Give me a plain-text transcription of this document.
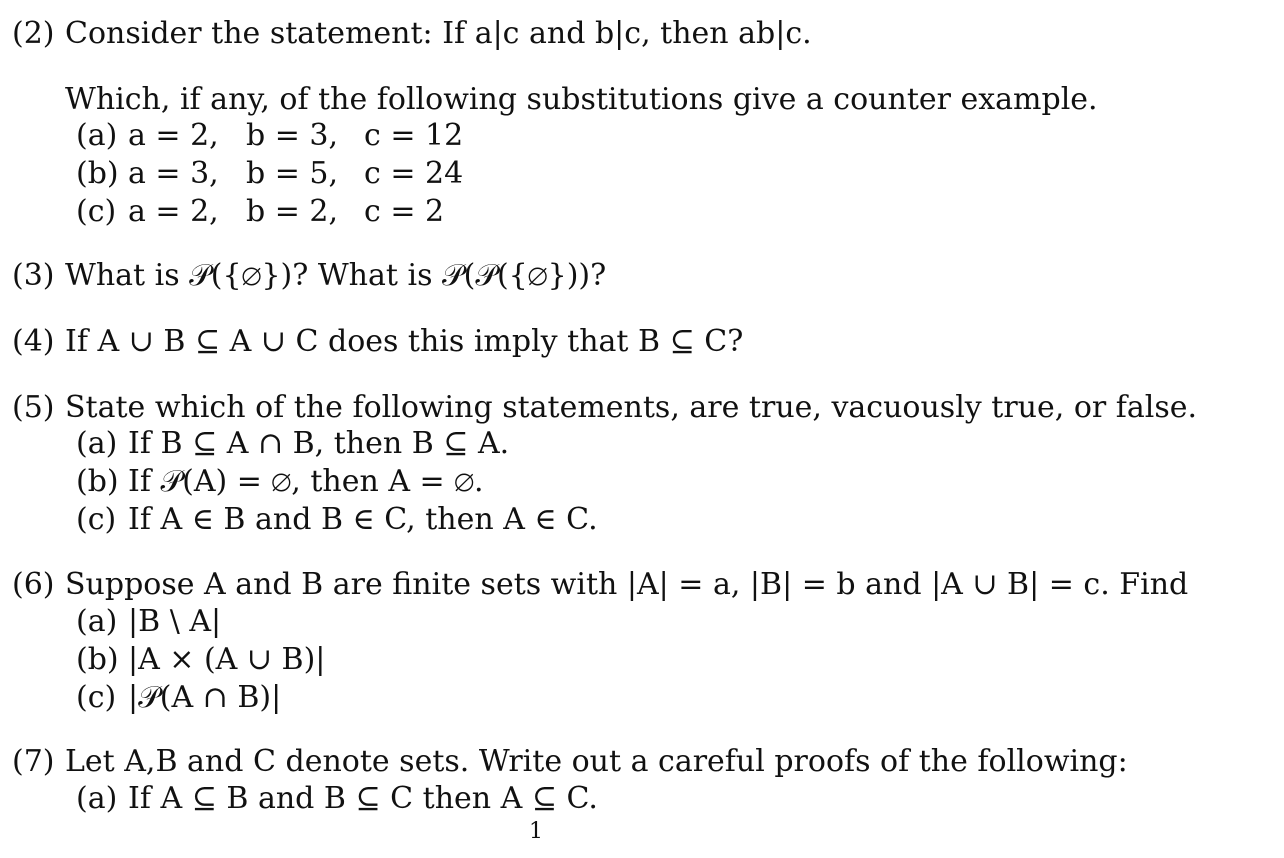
(2) Consider the statement: If a|c and b|c, then ab|c.
Which, if any, of the following substitutions give a counter example.
(a) a = 2, b = 3, c = 12
(b) a = 3, b = 5, c = 24
(c) a = 2, b = 2, c = 2
(3) What is 𝒫({∅})? What is 𝒫(𝒫({∅}))?
(4) If A ∪ B ⊆ A ∪ C does this imply that B ⊆ C?
(5) State which of the following statements, are true, vacuously true, or false.
(a) If B ⊆ A ∩ B, then B ⊆ A.
(b) If 𝒫(A) = ∅, then A = ∅.
(c) If A ∈ B and B ∈ C, then A ∈ C.
(6) Suppose A and B are finite sets with |A| = a, |B| = b and |A ∪ B| = c. Find
(a) |B \ A|
(b) |A × (A ∪ B)|
(c) |𝒫(A ∩ B)|
(7) Let A,B and C denote sets. Write out a careful proofs of the following:
(a) If A ⊆ B and B ⊆ C then A ⊆ C.
1
